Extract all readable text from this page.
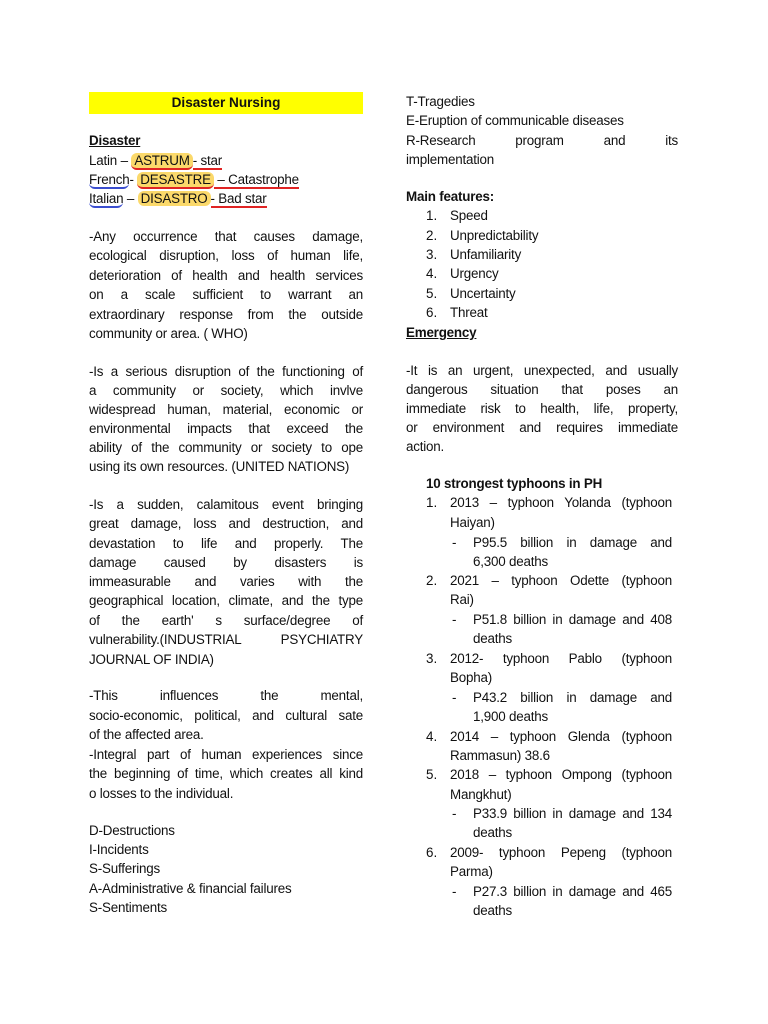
Disaster Nursing
Disaster
Latin – ASTRUM - star
French- DESASTRE – Catastrophe
Italian – DISASTRO - Bad star
-Any occurrence that causes damage,
ecological disruption, loss of human life,
deterioration of health and health services
on a scale sufficient to warrant an
extraordinary response from the outside
community or area. ( WHO)
-Is a serious disruption of the functioning of
a community or society, which invlve
widespread human, material, economic or
environmental impacts that exceed the
ability of the community or society to ope
using its own resources. (UNITED NATIONS)
-Is a sudden, calamitous event bringing
great damage, loss and destruction, and
devastation to life and properly. The
damage caused by disasters is
immeasurable and varies with the
geographical location, climate, and the type
of the earth' s surface/degree of
vulnerability.(INDUSTRIAL PSYCHIATRY
JOURNAL OF INDIA)
-This influences the mental,
socio-economic, political, and cultural sate
of the affected area.
-Integral part of human experiences since
the beginning of time, which creates all kind
o losses to the individual.
D-Destructions
I-Incidents
S-Sufferings
A-Administrative & financial failures
S-Sentiments
T-Tragedies
E-Eruption of communicable diseases
R-Research program and its
implementation
Main features:
1. Speed
2. Unpredictability
3. Unfamiliarity
4. Urgency
5. Uncertainty
6. Threat
Emergency
-It is an urgent, unexpected, and usually
dangerous situation that poses an
immediate risk to health, life, property,
or environment and requires immediate
action.
10 strongest typhoons in PH
1. 2013 – typhoon Yolanda (typhoon
Haiyan)
- P95.5 billion in damage and
6,300 deaths
2. 2021 – typhoon Odette (typhoon
Rai)
- P51.8 billion in damage and 408
deaths
3. 2012- typhoon Pablo (typhoon
Bopha)
- P43.2 billion in damage and
1,900 deaths
4. 2014 – typhoon Glenda (typhoon
Rammasun) 38.6
5. 2018 – typhoon Ompong (typhoon
Mangkhut)
- P33.9 billion in damage and 134
deaths
6. 2009- typhoon Pepeng (typhoon
Parma)
- P27.3 billion in damage and 465
deaths
